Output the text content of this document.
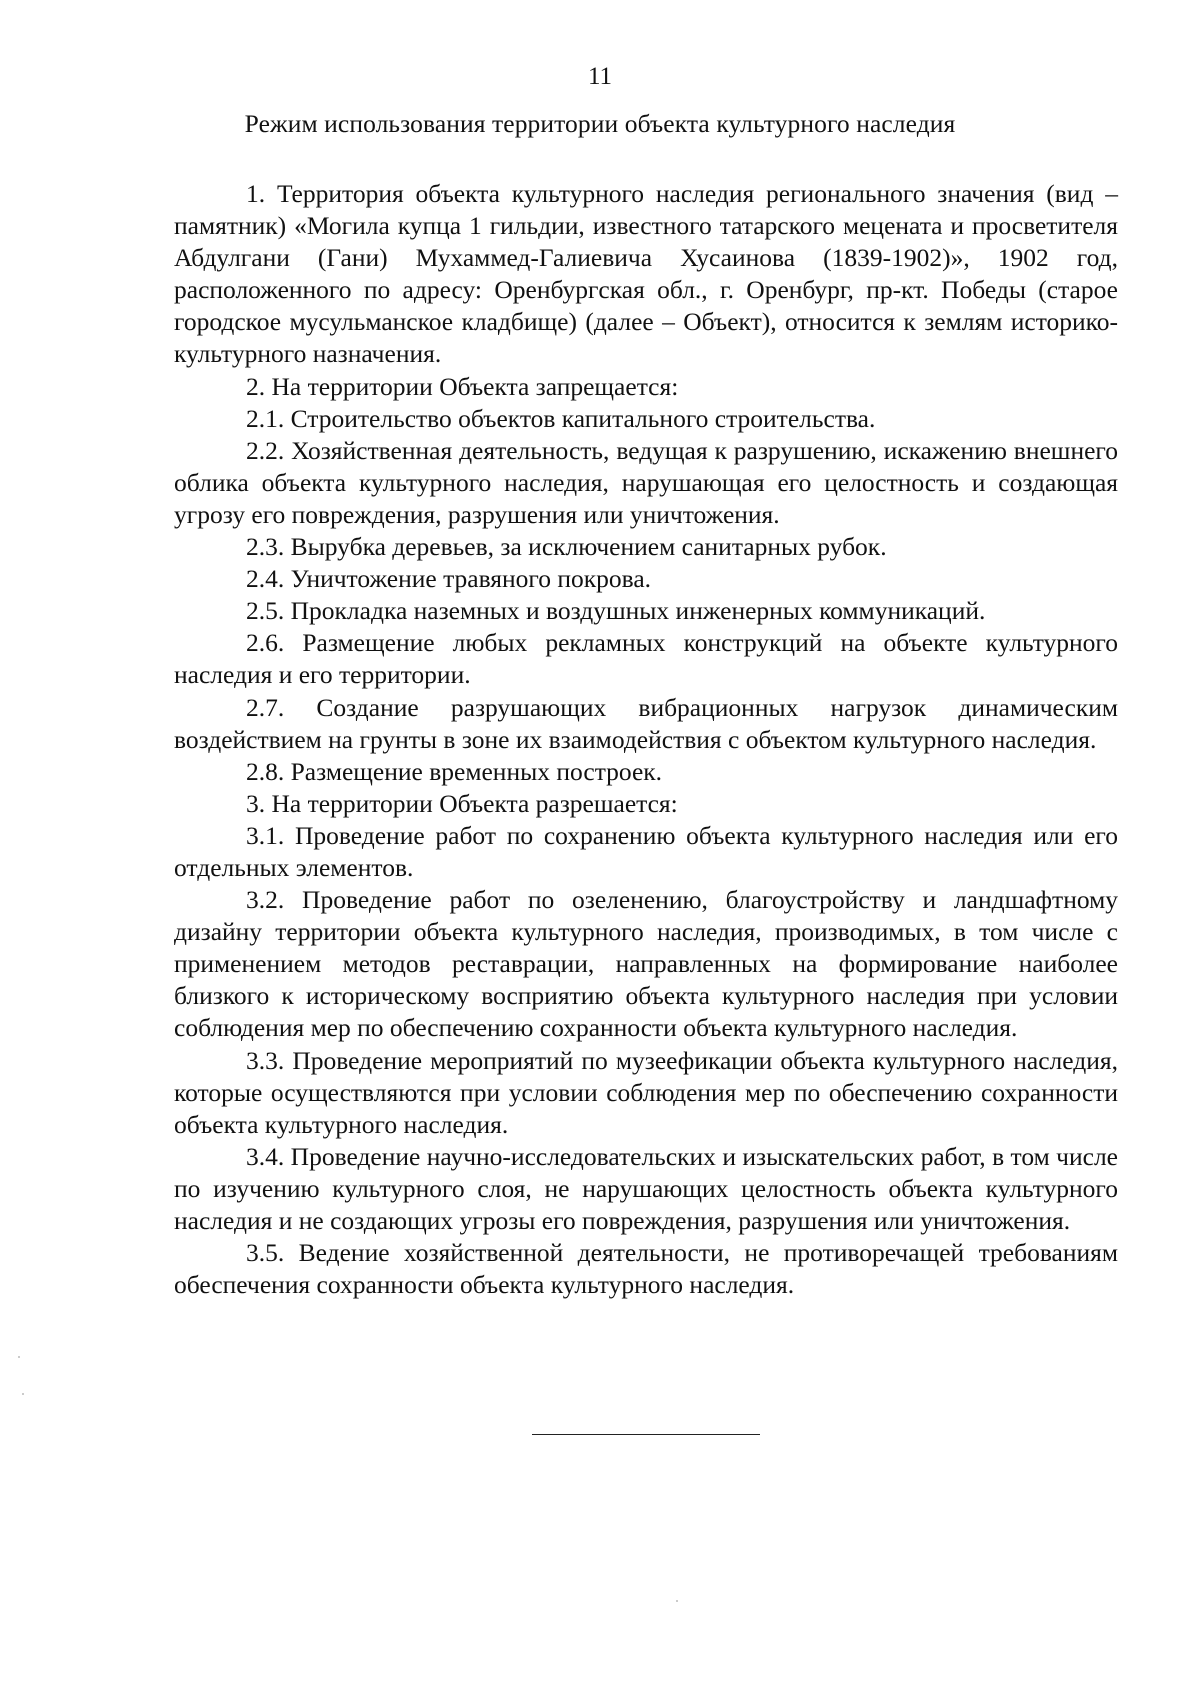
11
Режим использования территории объекта культурного наследия

1. Территория объекта культурного наследия регионального значения (вид – памятник) «Могила купца 1 гильдии, известного татарского мецената и просветителя Абдулгани (Гани) Мухаммед-Галиевича Хусаинова (1839-1902)», 1902 год, расположенного по адресу: Оренбургская обл., г. Оренбург, пр-кт. Победы (старое городское мусульманское кладбище) (далее – Объект), относится к землям историко-культурного назначения.

2. На территории Объекта запрещается:

2.1. Строительство объектов капитального строительства.

2.2. Хозяйственная деятельность, ведущая к разрушению, искажению внешнего облика объекта культурного наследия, нарушающая его целостность и создающая угрозу его повреждения, разрушения или уничтожения.

2.3. Вырубка деревьев, за исключением санитарных рубок.

2.4. Уничтожение травяного покрова.

2.5. Прокладка наземных и воздушных инженерных коммуникаций.

2.6. Размещение любых рекламных конструкций на объекте культурного наследия и его территории.

2.7. Создание разрушающих вибрационных нагрузок динамическим воздействием на грунты в зоне их взаимодействия с объектом культурного наследия.

2.8. Размещение временных построек.

3. На территории Объекта разрешается:

3.1. Проведение работ по сохранению объекта культурного наследия или его отдельных элементов.

3.2. Проведение работ по озеленению, благоустройству и ландшафтному дизайну территории объекта культурного наследия, производимых, в том числе с применением методов реставрации, направленных на формирование наиболее близкого к историческому восприятию объекта культурного наследия при условии соблюдения мер по обеспечению сохранности объекта культурного наследия.

3.3. Проведение мероприятий по музеефикации объекта культурного наследия, которые осуществляются при условии соблюдения мер по обеспечению сохранности объекта культурного наследия.

3.4. Проведение научно-исследовательских и изыскательских работ, в том числе по изучению культурного слоя, не нарушающих целостность объекта культурного наследия и не создающих угрозы его повреждения, разрушения или уничтожения.

3.5. Ведение хозяйственной деятельности, не противоречащей требованиям обеспечения сохранности объекта культурного наследия.
